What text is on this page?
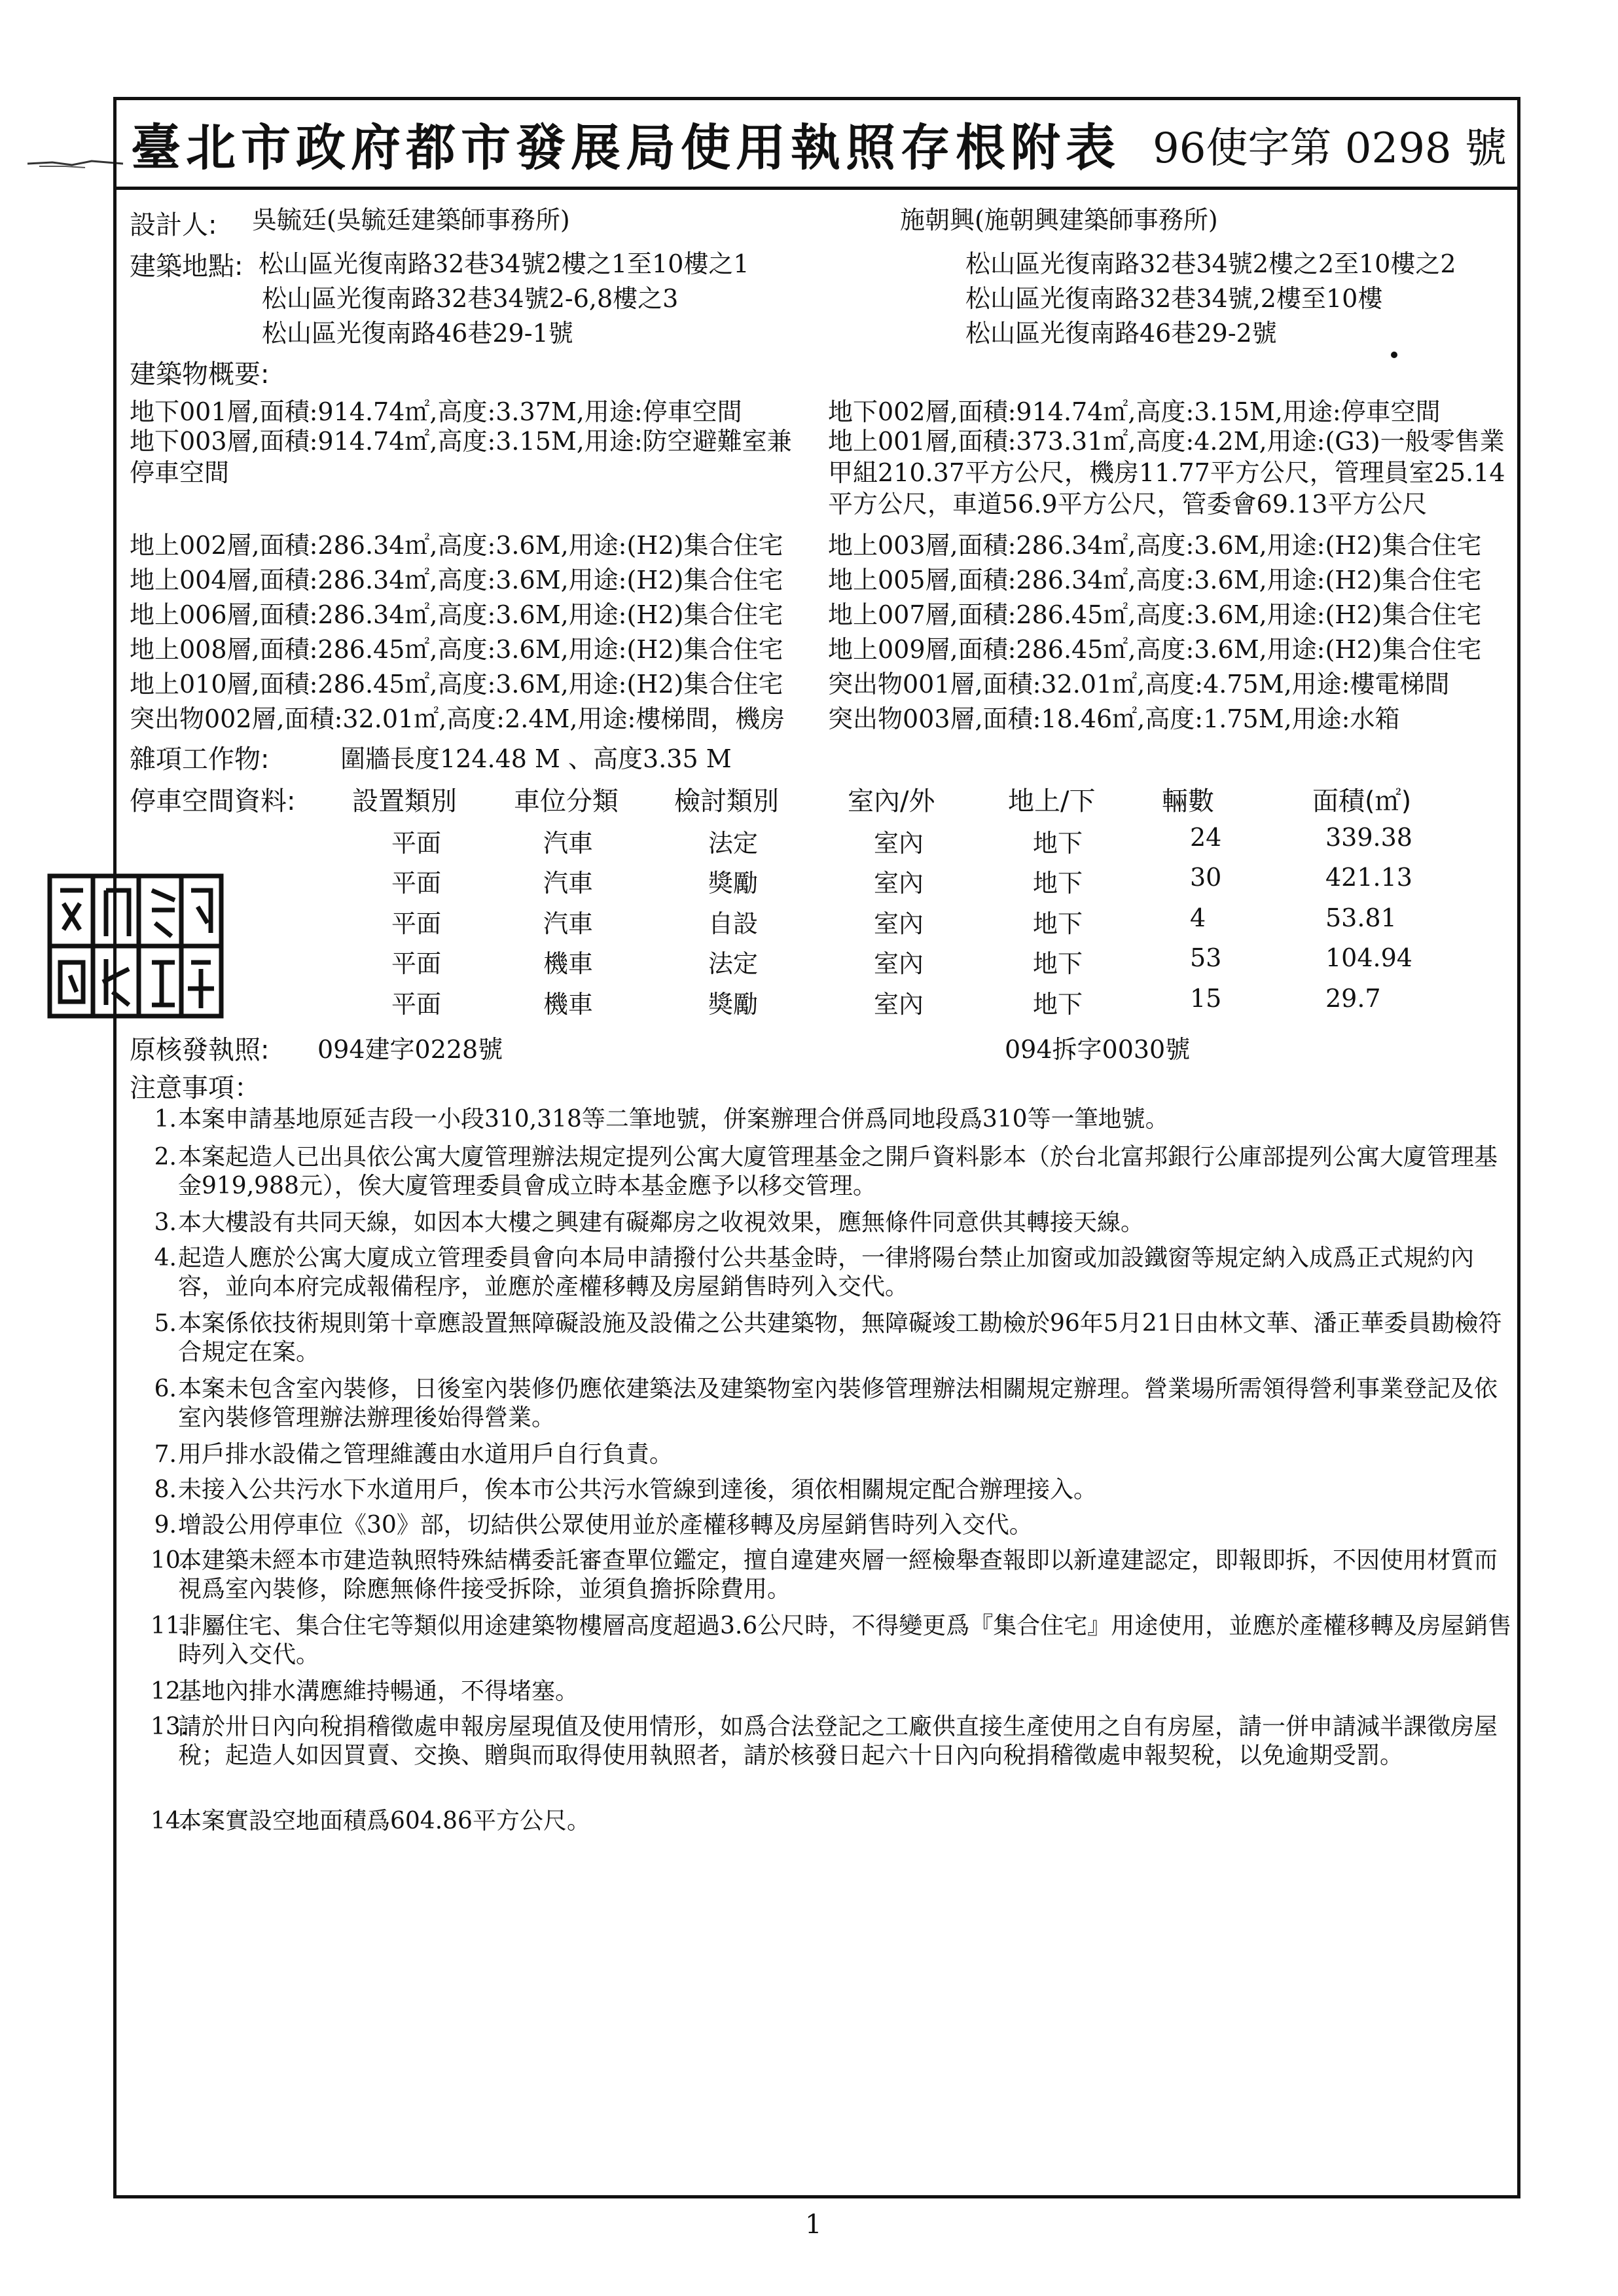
臺北市政府都市發展局使用執照存根附表 96使字第 0298 號
設計人: 吳毓廷(吳毓廷建築師事務所)	施朝興(施朝興建築師事務所)
建築地點: 松山區光復南路32巷34號2樓之1至10樓之1
松山區光復南路32巷34號2-6,8樓之3
松山區光復南路46巷29-1號
松山區光復南路32巷34號2樓之2至10樓之2
松山區光復南路32巷34號,2樓至10樓
松山區光復南路46巷29-2號
建築物概要:
地下001層,面積:914.74㎡,高度:3.37M,用途:停車空間
地下003層,面積:914.74㎡,高度:3.15M,用途:防空避難室兼停車空間
地上002層,面積:286.34㎡,高度:3.6M,用途:(H2)集合住宅
地上004層,面積:286.34㎡,高度:3.6M,用途:(H2)集合住宅
地上006層,面積:286.34㎡,高度:3.6M,用途:(H2)集合住宅
地上008層,面積:286.45㎡,高度:3.6M,用途:(H2)集合住宅
地上010層,面積:286.45㎡,高度:3.6M,用途:(H2)集合住宅
突出物002層,面積:32.01㎡,高度:2.4M,用途:樓梯間，機房
地下002層,面積:914.74㎡,高度:3.15M,用途:停車空間
地上001層,面積:373.31㎡,高度:4.2M,用途:(G3)一般零售業甲組210.37平方公尺，機房11.77平方公尺，管理員室25.14平方公尺，車道56.9平方公尺，管委會69.13平方公尺
地上003層,面積:286.34㎡,高度:3.6M,用途:(H2)集合住宅
地上005層,面積:286.34㎡,高度:3.6M,用途:(H2)集合住宅
地上007層,面積:286.45㎡,高度:3.6M,用途:(H2)集合住宅
地上009層,面積:286.45㎡,高度:3.6M,用途:(H2)集合住宅
突出物001層,面積:32.01㎡,高度:4.75M,用途:樓電梯間
突出物003層,面積:18.46㎡,高度:1.75M,用途:水箱
雜項工作物:	圍牆長度124.48 M 、高度3.35 M
停車空間資料: 設置類別 車位分類 檢討類別	室內/外	地上/下	輛數	面積(㎡)
平面	汽車	法定	室內	地下	24	339.38
平面	汽車	獎勵	室內	地下	30	421.13
平面	汽車	自設	室內	地下	4	53.81
平面	機車	法定	室內	地下	53	104.94
平面	機車	獎勵	室內	地下	15	29.7
原核發執照: 094建字0228號	094拆字0030號
注意事項：
1. 本案申請基地原延吉段一小段310,318等二筆地號，併案辦理合併爲同地段爲310等一筆地號。
2. 本案起造人已出具依公寓大廈管理辦法規定提列公寓大廈管理基金之開戶資料影本（於台北富邦銀行公庫部提列公寓大廈管理基金919,988元），俟大廈管理委員會成立時本基金應予以移交管理。
3. 本大樓設有共同天線，如因本大樓之興建有礙鄰房之收視效果，應無條件同意供其轉接天線。
4. 起造人應於公寓大廈成立管理委員會向本局申請撥付公共基金時，一律將陽台禁止加窗或加設鐵窗等規定納入成爲正式規約內容，並向本府完成報備程序，並應於產權移轉及房屋銷售時列入交代。
5. 本案係依技術規則第十章應設置無障礙設施及設備之公共建築物，無障礙竣工勘檢於96年5月21日由林文華、潘正華委員勘檢符合規定在案。
6. 本案未包含室內裝修，日後室內裝修仍應依建築法及建築物室內裝修管理辦法相關規定辦理。營業場所需領得營利事業登記及依室內裝修管理辦法辦理後始得營業。
7. 用戶排水設備之管理維護由水道用戶自行負責。
8. 未接入公共污水下水道用戶，俟本市公共污水管線到達後，須依相關規定配合辦理接入。
9. 增設公用停車位《30》部，切結供公眾使用並於產權移轉及房屋銷售時列入交代。
10.
本建築未經本市建造執照特殊結構委託審查單位鑑定，擅自違建夾層一經檢舉查報即以新違建認定，即報即拆，不因使用材質而視爲室內裝修，除應無條件接受拆除，並須負擔拆除費用。
11.
非屬住宅、集合住宅等類似用途建築物樓層高度超過3.6公尺時，不得變更爲『集合住宅』用途使用，並應於產權移轉及房屋銷售時列入交代。
12.
基地內排水溝應維持暢通，不得堵塞。
13.
請於卅日內向稅捐稽徵處申報房屋現值及使用情形，如爲合法登記之工廠供直接生產使用之自有房屋，請一併申請減半課徵房屋稅；起造人如因買賣、交換、贈與而取得使用執照者，請於核發日起六十日內向稅捐稽徵處申報契稅，以免逾期受罰。
14.
本案實設空地面積爲604.86平方公尺。
1
